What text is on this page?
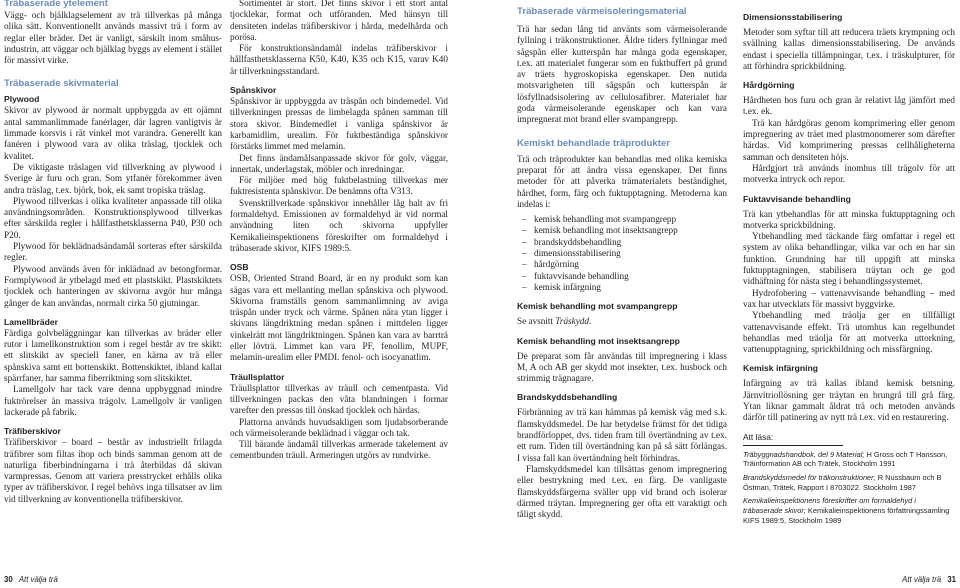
Träbaserade ytelement

Vägg- och bjälklagselement av trä tillverkas på många olika sätt. Konventionellt används massivt trä i form av reglar eller bräder. Det är vanligt, särskilt inom småhus-industrin, att väggar och bjälklag byggs av element i stället för massivt virke.

Träbaserade skivmaterial
Plywood

Skivor av plywood är normalt uppbyggda av ett ojämnt antal sammanlimmade fanérlager, där lagren vanligtvis är limmade korsvis i rät vinkel mot varandra. Generellt kan fanéren i plywood vara av olika träslag, tjocklek och kvalitet.

De viktigaste träslagen vid tillverkning av plywood i Sverige är furu och gran. Som ytfanér förekommer även andra träslag, t.ex. björk, bok, ek samt tropiska träslag.

Plywood tillverkas i olika kvaliteter anpassade till olika användningsområden. Konstruktionsplywood tillverkas efter särskilda regler i hållfasthetsklasserna P40, P30 och P20.

Plywood för beklädnadsändamål sorteras efter särskilda regler.

Plywood används även för inklädnad av betongformar. Formplywood är ytbelagd med ett plastskikt. Plastskiktets tjocklek och hanteringen av skivorna avgör hur många gånger de kan användas, normalt cirka 50 gjutningar.

Lamellbräder

Färdiga golvbeläggningar kan tillverkas av bräder eller rutor i lamellkonstruktion som i regel består av tre skikt: ett slitskikt av speciell faner, en kärna av trä eller spånskiva samt ett bottenskikt. Bottenskiktet, ibland kallat spärrfaner, har samma fiberriktning som slitskiktet.

Lamellgolv har tack vare denna uppbyggnad mindre fuktrörelser än massiva trägolv. Lamellgolv är vanligen lackerade på fabrik.

Träfiberskivor

Träfiberskivor – board – består av industriellt frilagda träfibrer som filtas ihop och binds samman genom att de naturliga fiberbindningarna i trä återbildas då skivan varmpressas. Genom att variera presstrycket erhålls olika typer av träfiberskivor. I regel behövs inga tillsatser av lim vid tillverkning av konventionella träfiberskivor.

Sortimentet är stort. Det finns skivor i ett stort antal tjocklekar, format och utföranden. Med hänsyn till densiteten indelas träfiberskivor i hårda, medelhårda och porösa.

För konstruktionsändamål indelas träfiberskivor i hållfasthetsklasserna K50, K40, K35 och K15, varav K40 är tillverkningsstandard.

Spånskivor

Spånskivor är uppbyggda av träspån och bindemedel. Vid tillverkningen pressas de limbelagda spånen samman till stora skivor. Bindemedlet i vanliga spånskivor är karbamidlim, urealim. För fuktbeständiga spånskivor förstärks limmet med melamin.

Det finns ändamålsanpassade skivor för golv, väggar, innertak, underlagstak, möbler och inredningar.

För miljöer med hög fuktbelastning tillverkas mer fuktresistenta spånskivor. De benämns ofta V313.

Svensktillverkade spånskivor innehåller låg halt av fri formaldehyd. Emissionen av formaldehyd är vid normal användning liten och skivorna uppfyller Kemikalieinspektionens föreskrifter om formaldehyd i träbaserade skivor, KIFS 1989:5.

OSB

OSB, Oriented Strand Board, är en ny produkt som kan sägas vara ett mellanting mellan spånskiva och plywood. Skivorna framställs genom sammanlimning av aviga träspån under tryck och värme. Spånen nära ytan ligger i skivans längdriktning medan spånen i mittdelen ligger vinkelrätt mot längdriktningen. Spånen kan vara av barrträ eller lövträ. Limmet kan vara PF, fenollim, MUPF, melamin-urealim eller PMDI. fenol- och isocyanatlim.

Träullsplattor

Träullsplattor tillverkas av träull och cementpasta. Vid tillverkningen packas den våta blandningen i formar varefter den pressas till önskad tjocklek och härdas.

Plattorna används huvudsakligen som ljudabsorberande och värmeisolerande beklädnad i väggar och tak.

Till bärande ändamål tillverkas armerade takelement av cementbunden träull. Armeringen utgörs av rundvirke.

Träbaserade värmeisoleringsmaterial

Trä har sedan lång tid använts som värmeisolerande fyllning i träkonstruktioner. Äldre tiders fyllningar med sågspån eller kutterspån har många goda egenskaper, t.ex. att materialet fungerar som en fuktbuffert på grund av träets hygroskopiska egenskaper. Den nutida motsvarigheten till sågspån och kutterspån är lösfyllnadsisolering av cellulosafibrer. Materialet har goda värmeisolerande egenskaper och kan vara impregnerat mot brand eller svampangrepp.

Kemiskt behandlade träprodukter

Trä och träprodukter kan behandlas med olika kemiska preparat för att ändra vissa egenskaper. Det finns metoder för att påverka trämaterialets beständighet, hårdhet, form, färg och fuktupptagning. Metoderna kan indelas i:

– kemisk behandling mot svampangrepp
– kemisk behandling mot insektsangrepp
– brandskyddsbehandling
– dimensionsstabilisering
– hårdgörning
– fuktavvisande behandling
– kemisk infärgning
Kemisk behandling mot svampangrepp

Se avsnitt Träskydd.

Kemisk behandling mot insektsangrepp

De preparat som får användas till impregnering i klass M, A och AB ger skydd mot insekter, t.ex. husbock och strimmig trägnagare.

Brandskyddsbehandling

Förbränning av trä kan hämmas på kemisk väg med s.k. flamskyddsmedel. De har betydelse främst för det tidiga brandförloppet, dvs. tiden fram till övertändning av t.ex. ett rum. Tiden till övertändning kan på så sätt förlängas. I vissa fall kan övertändning helt förhindras.

Flamskyddsmedel kan tillsättas genom impregnering eller bestrykning med t.ex. en färg. De vanligaste flamskyddsfärgerna sväller upp vid brand och isolerar därmed träytan. Impregnering ger ofta ett varaktigt och tåligt skydd.

Dimensionsstabilisering

Metoder som syftar till att reducera träets krympning och svällning kallas dimensionsstabilisering. De används endast i speciella tillämpningar, t.ex. i träskulpturer, för att förhindra sprickbildning.

Hårdgörning

Hårdheten hos furu och gran är relativt låg jämfört med t.ex. ek.

Trä kan hårdgöras genom komprimering eller genom impregnering av träet med plastmonomerer som därefter härdas. Vid komprimering pressas cellhåligheterna samman och densiteten höjs.

Hårdgjort trä används inomhus till trägolv för att motverka intryck och repor.

Fuktavvisande behandling

Trä kan ytbehandlas för att minska fuktupptagning och motverka sprickbildning.

Ytbehandling med täckande färg omfattar i regel ett system av olika behandlingar, vilka var och en har sin funktion. Grundning har till uppgift att minska fuktupptagningen, stabilisera träytan och ge god vidhäftning för nästa steg i behandlingssystemet.

Hydrofobering – vattenavvisande behandling – med vax har utvecklats för massivt byggvirke.

Ytbehandling med träolja ger en tillfälligt vattenavvisande effekt. Trä utomhus kan regelbundet behandlas med träolja för att motverka uttorkning, vattenupptagning, sprickbildning och missfärgning.

Kemisk infärgning

Infärgning av trä kallas ibland kemisk betsning. Järnvitriollösning ger träytan en brungrå till grå färg. Ytan liknar gammalt åldrat trä och metoden används därför till patinering av nytt trä t.ex. vid en restaurering.

Att läsa:

Träbyggnadshandbok, del 9 Material; H Gross och T Hansson, Träinformation AB och Trätek, Stockholm 1991

Brandskyddsmedel för träkonstruktioner; R Nussbaum och B Östman, Trätek, Rapport I 8703022. Stockholm 1987

Kemikalieinspektionens föreskrifter om formaldehyd i träbaserade skivor; Kemikalieinspektionens författningssamling KIFS 1989:5, Stockholm 1989

30 Att välja trä	Att välja trä 31
